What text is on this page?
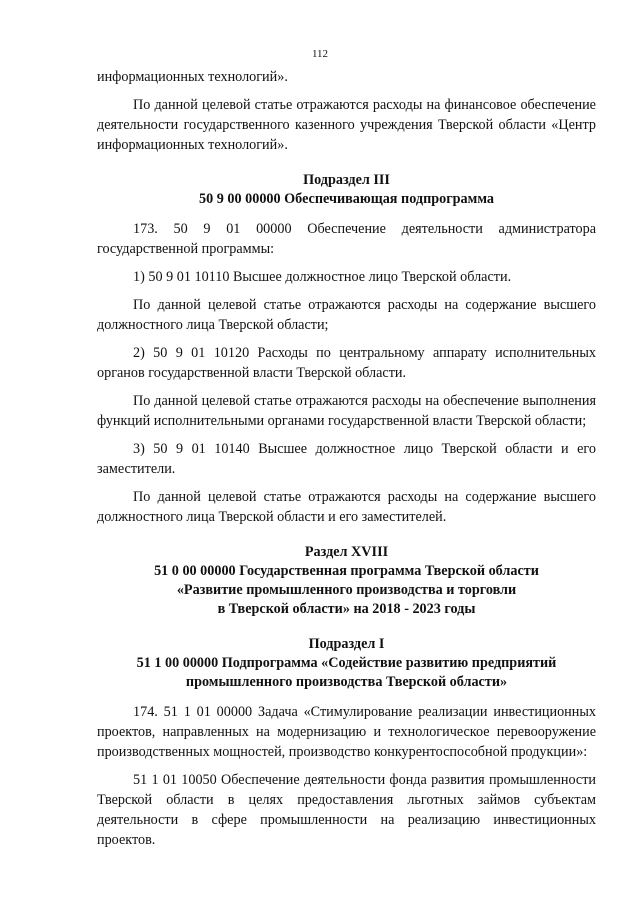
112

информационных технологий».

По данной целевой статье отражаются расходы на финансовое обеспечение деятельности государственного казенного учреждения Тверской области «Центр информационных технологий».

Подраздел III
50 9 00 00000 Обеспечивающая подпрограмма

173. 50 9 01 00000 Обеспечение деятельности администратора государственной программы:

1) 50 9 01 10110 Высшее должностное лицо Тверской области.

По данной целевой статье отражаются расходы на содержание высшего должностного лица Тверской области;

2) 50 9 01 10120 Расходы по центральному аппарату исполнительных органов государственной власти Тверской области.

По данной целевой статье отражаются расходы на обеспечение выполнения функций исполнительными органами государственной власти Тверской области;

3) 50 9 01 10140 Высшее должностное лицо Тверской области и его заместители.

По данной целевой статье отражаются расходы на содержание высшего должностного лица Тверской области и его заместителей.

Раздел XVIII
51 0 00 00000 Государственная программа Тверской области
«Развитие промышленного производства и торговли
в Тверской области» на 2018 - 2023 годы
Подраздел I
51 1 00 00000 Подпрограмма «Содействие развитию предприятий
промышленного производства Тверской области»

174. 51 1 01 00000 Задача «Стимулирование реализации инвестиционных проектов, направленных на модернизацию и технологическое перевооружение производственных мощностей, производство конкурентоспособной продукции»:

51 1 01 10050 Обеспечение деятельности фонда развития промышленности Тверской области в целях предоставления льготных займов субъектам деятельности в сфере промышленности на реализацию инвестиционных проектов.
